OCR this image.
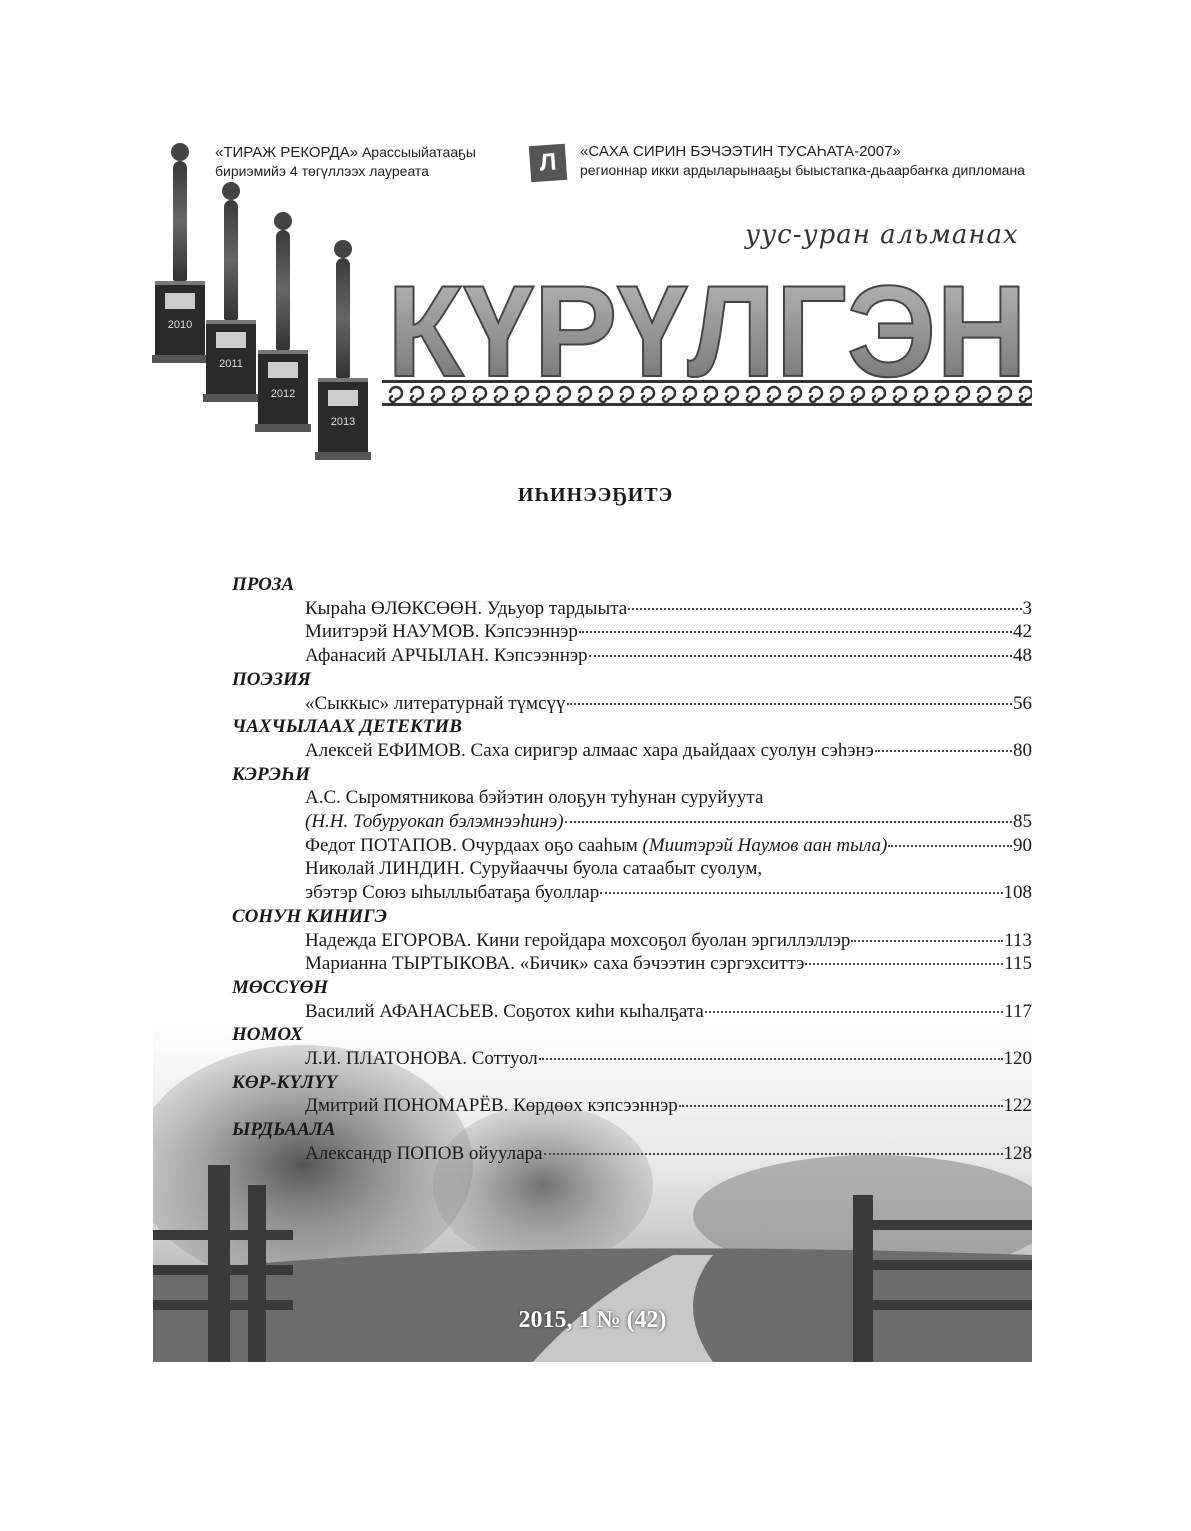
«ТИРАЖ РЕКОРДА» Арассыыйатааҕы
бириэмийэ 4 төгүллээх лауреата	Л	«САХА СИРИН БЭЧЭЭТИН ТУСАҺАТА-2007»
регионнар икки ардыларынааҕы быыстапка-дьаарбаҥка дипломана
2010
2011
2012
2013
уус-уран альманах
КҮРҮЛГЭН
ИҺИНЭЭҔИТЭ
ПРОЗА
Кыраһа ӨЛӨКСӨӨН. Удьуор тардыыта	3
Миитэрэй НАУМОВ. Кэпсээннэр	42
Афанасий АРЧЫЛАН. Кэпсээннэр	48
ПОЭЗИЯ
«Сыккыс» литературнай түмсүү	56
ЧАХЧЫЛААХ ДЕТЕКТИВ
Алексей ЕФИМОВ. Саха сиригэр алмаас хара дьайдаах суолун сэһэнэ	80
КЭРЭҺИ
А.С. Сыромятникова бэйэтин олоҕун туһунан суруйуута
(Н.Н. Тобуруокап бэлэмнээһинэ)	85
Федот ПОТАПОВ. Очурдаах оҕо сааһым
(Миитэрэй Наумов аан тыла)	90
Николай ЛИНДИН. Суруйааччы буола сатаабыт суолум,
эбэтэр Союз ыһыллыбатаҕа буоллар	108
СОНУН КИНИГЭ
Надежда ЕГОРОВА. Кини геройдара мохсоҕол буолан эргиллэллэр	113
Марианна ТЫРТЫКОВА. «Бичик» саха бэчээтин сэргэхситтэ	115
МӨССҮӨН
Василий АФАНАСЬЕВ. Соҕотох киһи кыһалҕата	117
НОМОХ
Л.И. ПЛАТОНОВА. Соттуол	120
КӨР-КҮЛҮҮ
Дмитрий ПОНОМАРЁВ. Көрдөөх кэпсээннэр	122
ЫРДЬААЛА
Александр ПОПОВ ойуулара	128
2015, 1 № (42)
